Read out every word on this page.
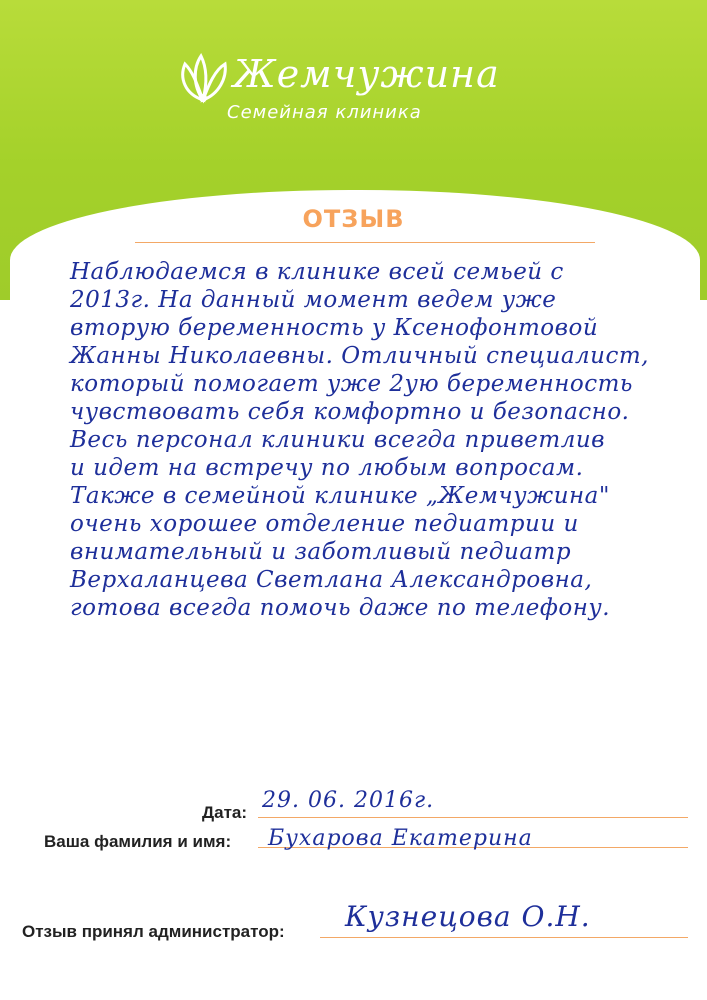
Жемчужина
Семейная клиника
ОТЗЫВ
Наблюдаемся в клинике всей семьей с
2013г. На данный момент ведем уже
вторую беременность у Ксенофонтовой
Жанны Николаевны. Отличный специалист,
который помогает уже 2ую беременность
чувствовать себя комфортно и безопасно.
Весь персонал клиники всегда приветлив
и идет на встречу по любым вопросам.
Также в семейной клинике „Жемчужина"
очень хорошее отделение педиатрии и
внимательный и заботливый педиатр
Верхаланцева Светлана Александровна,
готова всегда помочь даже по телефону.
Дата: 29. 06. 2016г.
Ваша фамилия и имя: Бухарова Екатерина
Отзыв принял администратор: Кузнецова О.Н.
